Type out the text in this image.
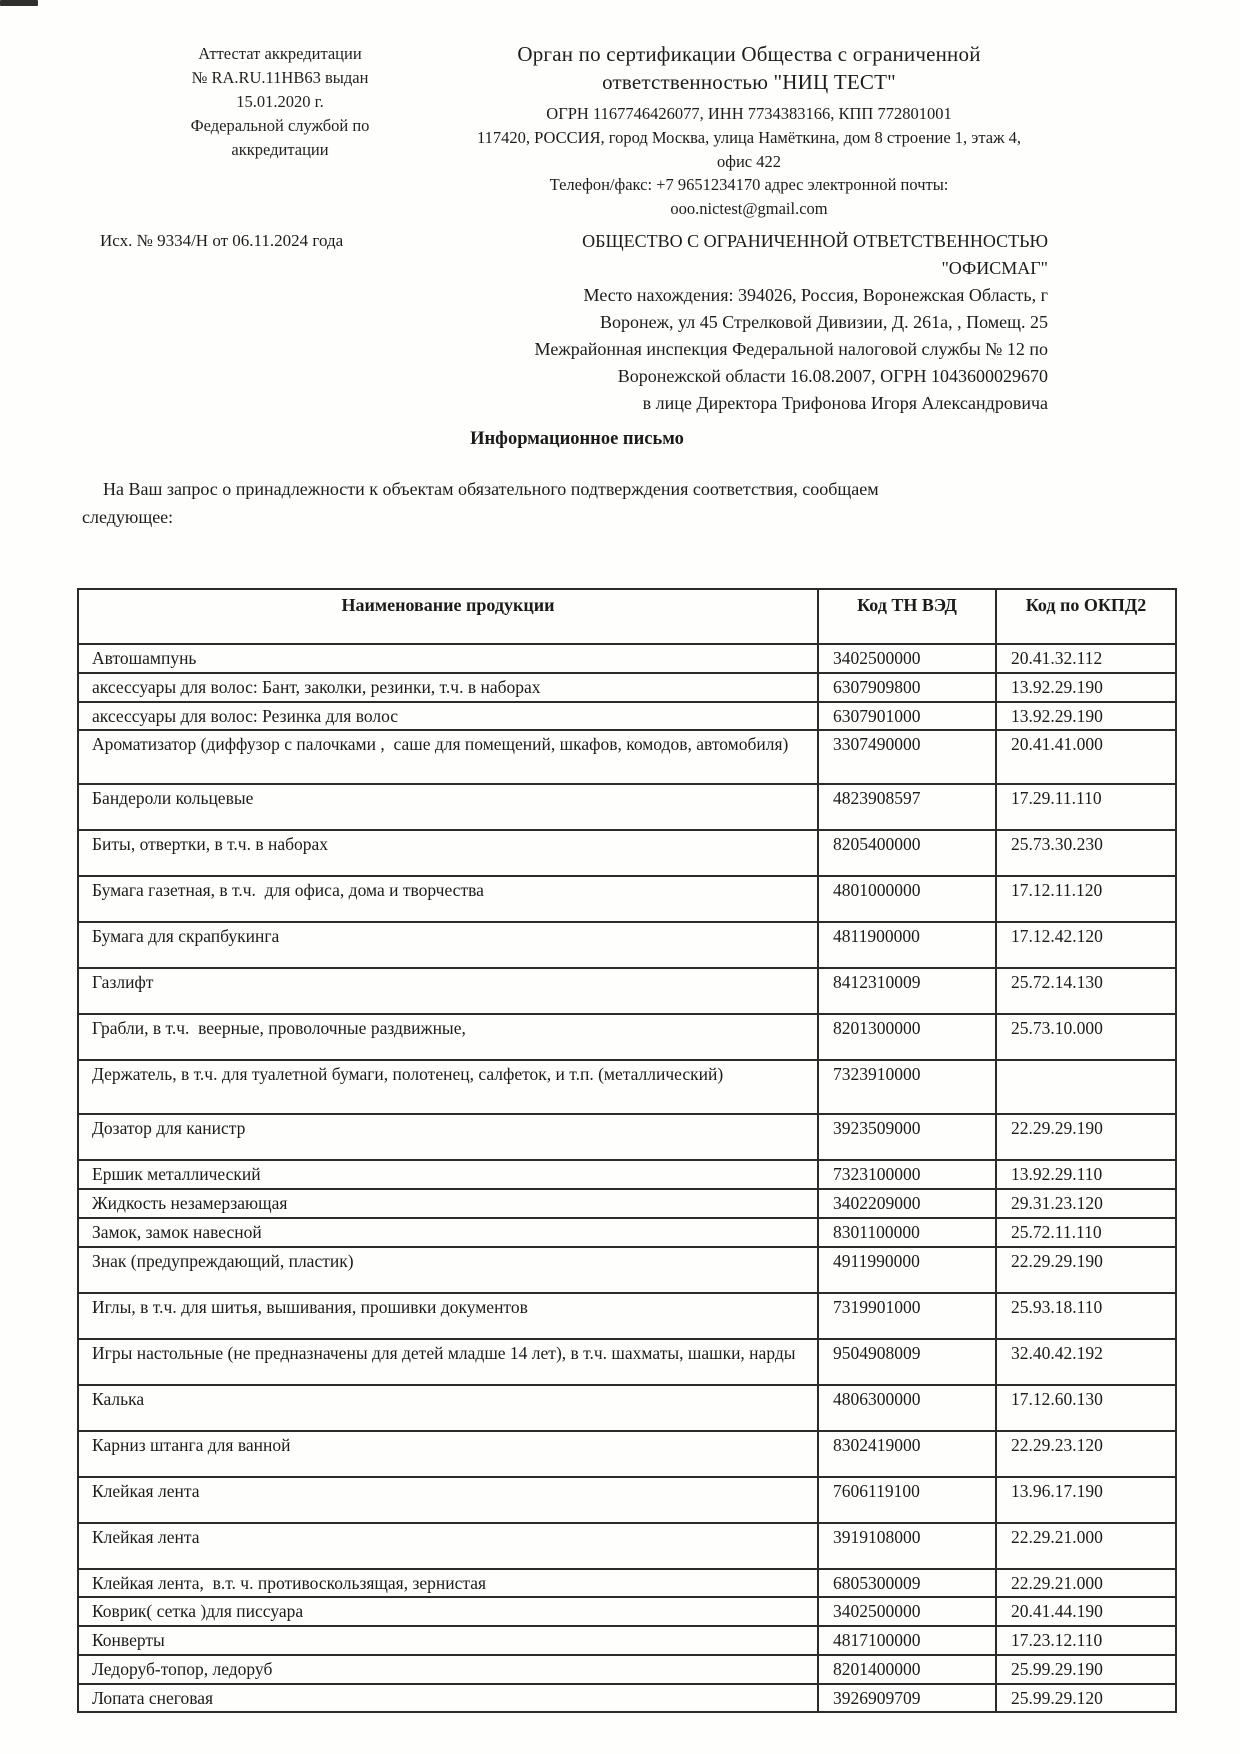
Аттестат аккредитации
№ RA.RU.11НВ63 выдан
15.01.2020 г.
Федеральной службой по
аккредитации
Орган по сертификации Общества с ограниченной
ответственностью "НИЦ ТЕСТ"
ОГРН 1167746426077, ИНН 7734383166, КПП 772801001
117420, РОССИЯ, город Москва, улица Намёткина, дом 8 строение 1, этаж 4,
офис 422
Телефон/факс: +7 9651234170 адрес электронной почты:
ooo.nictest@gmail.com
Исх. № 9334/Н от 06.11.2024 года	ОБЩЕСТВО С ОГРАНИЧЕННОЙ ОТВЕТСТВЕННОСТЬЮ
"ОФИСМАГ"
Место нахождения: 394026, Россия, Воронежская Область, г
Воронеж, ул 45 Стрелковой Дивизии, Д. 261а, , Помещ. 25
Межрайонная инспекция Федеральной налоговой службы № 12 по
Воронежской области 16.08.2007, ОГРН 1043600029670
в лице Директора Трифонова Игоря Александровича
Информационное письмо
На Ваш запрос о принадлежности к объектам обязательного подтверждения соответствия, сообщаем
следующее:
Наименование продукции	Код ТН ВЭД	Код по ОКПД2
Автошампунь	3402500000	20.41.32.112
аксессуары для волос: Бант, заколки, резинки, т.ч. в наборах	6307909800	13.92.29.190
аксессуары для волос: Резинка для волос	6307901000	13.92.29.190
Ароматизатор (диффузор с палочками ,  саше для помещений, шкафов, комодов, автомобиля)	3307490000	20.41.41.000
Бандероли кольцевые	4823908597	17.29.11.110
Биты, отвертки, в т.ч. в наборах	8205400000	25.73.30.230
Бумага газетная, в т.ч.  для офиса, дома и творчества	4801000000	17.12.11.120
Бумага для скрапбукинга	4811900000	17.12.42.120
Газлифт	8412310009	25.72.14.130
Грабли, в т.ч.  веерные, проволочные раздвижные,	8201300000	25.73.10.000
Держатель, в т.ч. для туалетной бумаги, полотенец, салфеток, и т.п. (металлический)	7323910000	
Дозатор для канистр	3923509000	22.29.29.190
Ершик металлический	7323100000	13.92.29.110
Жидкость незамерзающая	3402209000	29.31.23.120
Замок, замок навесной	8301100000	25.72.11.110
Знак (предупреждающий, пластик)	4911990000	22.29.29.190
Иглы, в т.ч. для шитья, вышивания, прошивки документов	7319901000	25.93.18.110
Игры настольные (не предназначены для детей младше 14 лет), в т.ч. шахматы, шашки, нарды	9504908009	32.40.42.192
Калька	4806300000	17.12.60.130
Карниз штанга для ванной	8302419000	22.29.23.120
Клейкая лента	7606119100	13.96.17.190
Клейкая лента	3919108000	22.29.21.000
Клейкая лента,  в.т. ч. противоскользящая, зернистая	6805300009	22.29.21.000
Коврик( сетка )для писсуара	3402500000	20.41.44.190
Конверты	4817100000	17.23.12.110
Ледоруб-топор, ледоруб	8201400000	25.99.29.190
Лопата снеговая	3926909709	25.99.29.120
